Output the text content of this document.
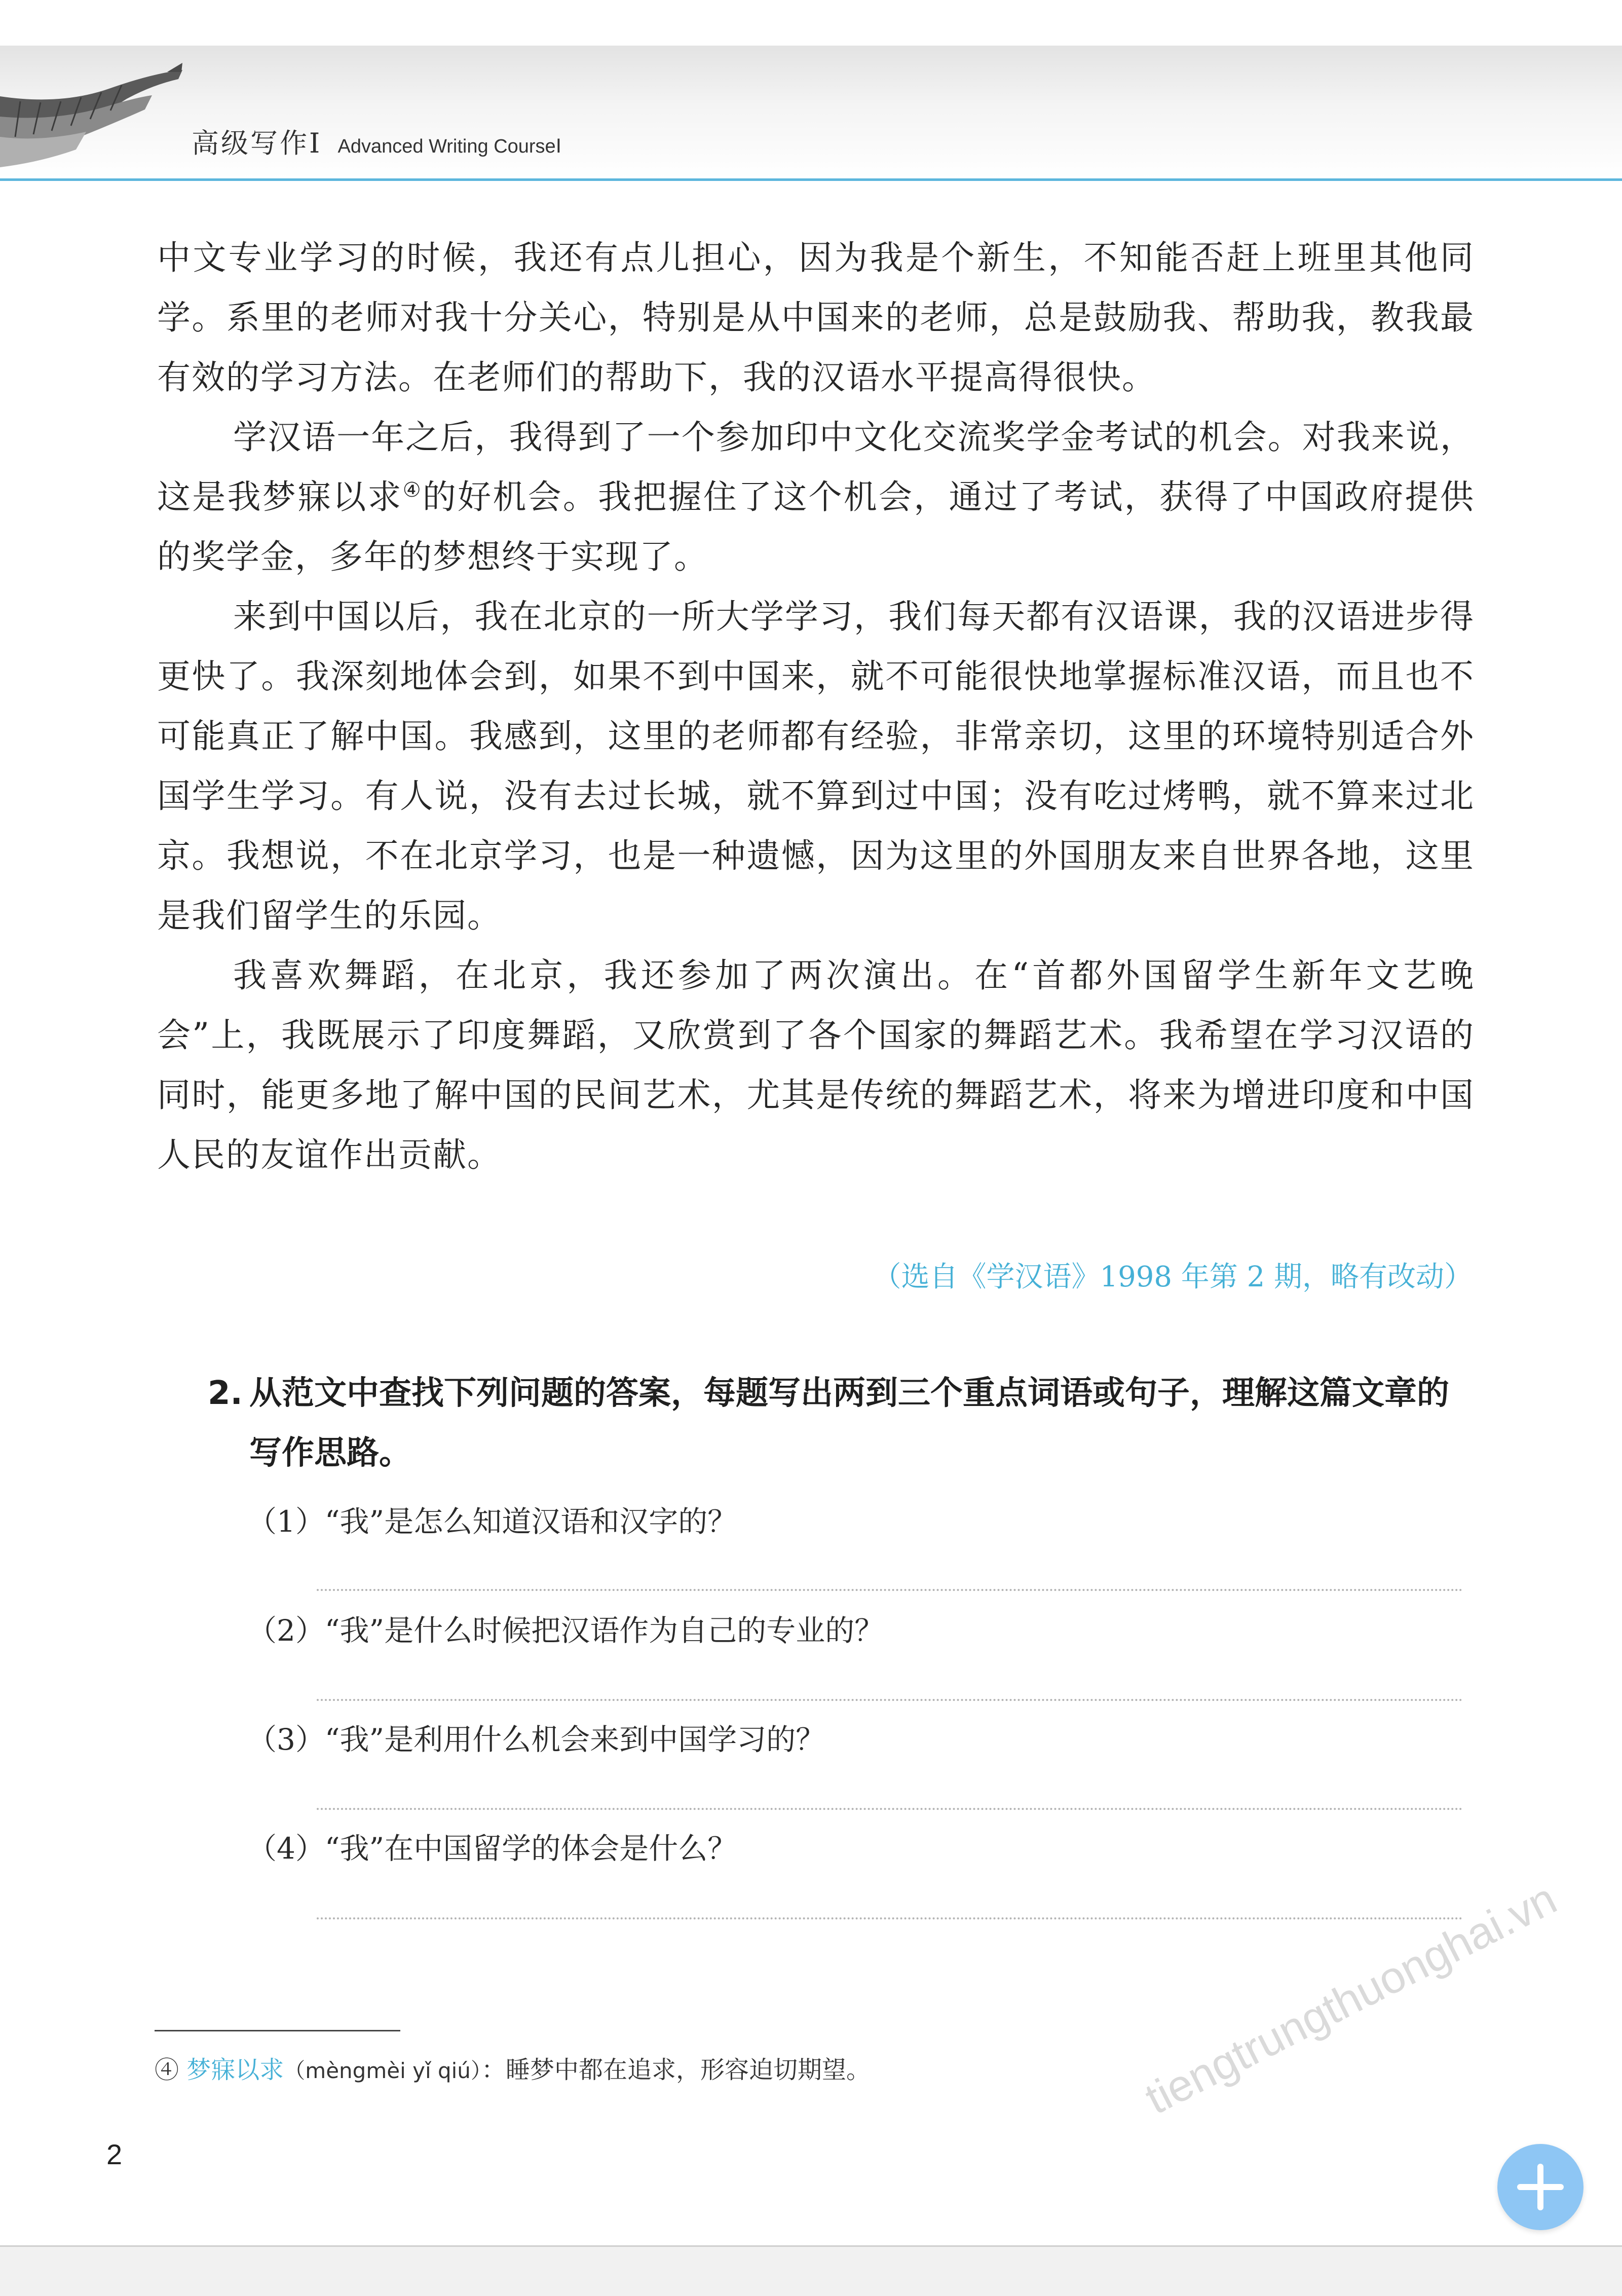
高级写作Ⅰ Advanced Writing CourseⅠ

中文专业学习的时候，我还有点儿担心，因为我是个新生，不知能否赶上班里其他同学。系里的老师对我十分关心，特别是从中国来的老师，总是鼓励我、帮助我，教我最有效的学习方法。在老师们的帮助下，我的汉语水平提高得很快。

学汉语一年之后，我得到了一个参加印中文化交流奖学金考试的机会。对我来说，这是我梦寐以求④的好机会。我把握住了这个机会，通过了考试，获得了中国政府提供的奖学金，多年的梦想终于实现了。

来到中国以后，我在北京的一所大学学习，我们每天都有汉语课，我的汉语进步得更快了。我深刻地体会到，如果不到中国来，就不可能很快地掌握标准汉语，而且也不可能真正了解中国。我感到，这里的老师都有经验，非常亲切，这里的环境特别适合外国学生学习。有人说，没有去过长城，就不算到过中国；没有吃过烤鸭，就不算来过北京。我想说，不在北京学习，也是一种遗憾，因为这里的外国朋友来自世界各地，这里是我们留学生的乐园。

我喜欢舞蹈，在北京，我还参加了两次演出。在“首都外国留学生新年文艺晚会”上，我既展示了印度舞蹈，又欣赏到了各个国家的舞蹈艺术。我希望在学习汉语的同时，能更多地了解中国的民间艺术，尤其是传统的舞蹈艺术，将来为增进印度和中国人民的友谊作出贡献。

（选自《学汉语》1998 年第 2 期，略有改动）
2. 从范文中查找下列问题的答案，每题写出两到三个重点词语或句子，理解这篇文章的写作思路。
（1）“我”是怎么知道汉语和汉字的？
（2）“我”是什么时候把汉语作为自己的专业的？
（3）“我”是利用什么机会来到中国学习的？
（4）“我”在中国留学的体会是什么？
④ 梦寐以求（mèngmèi yǐ qiú）：睡梦中都在追求，形容迫切期望。
2
tiengtrungthuonghai.vn
